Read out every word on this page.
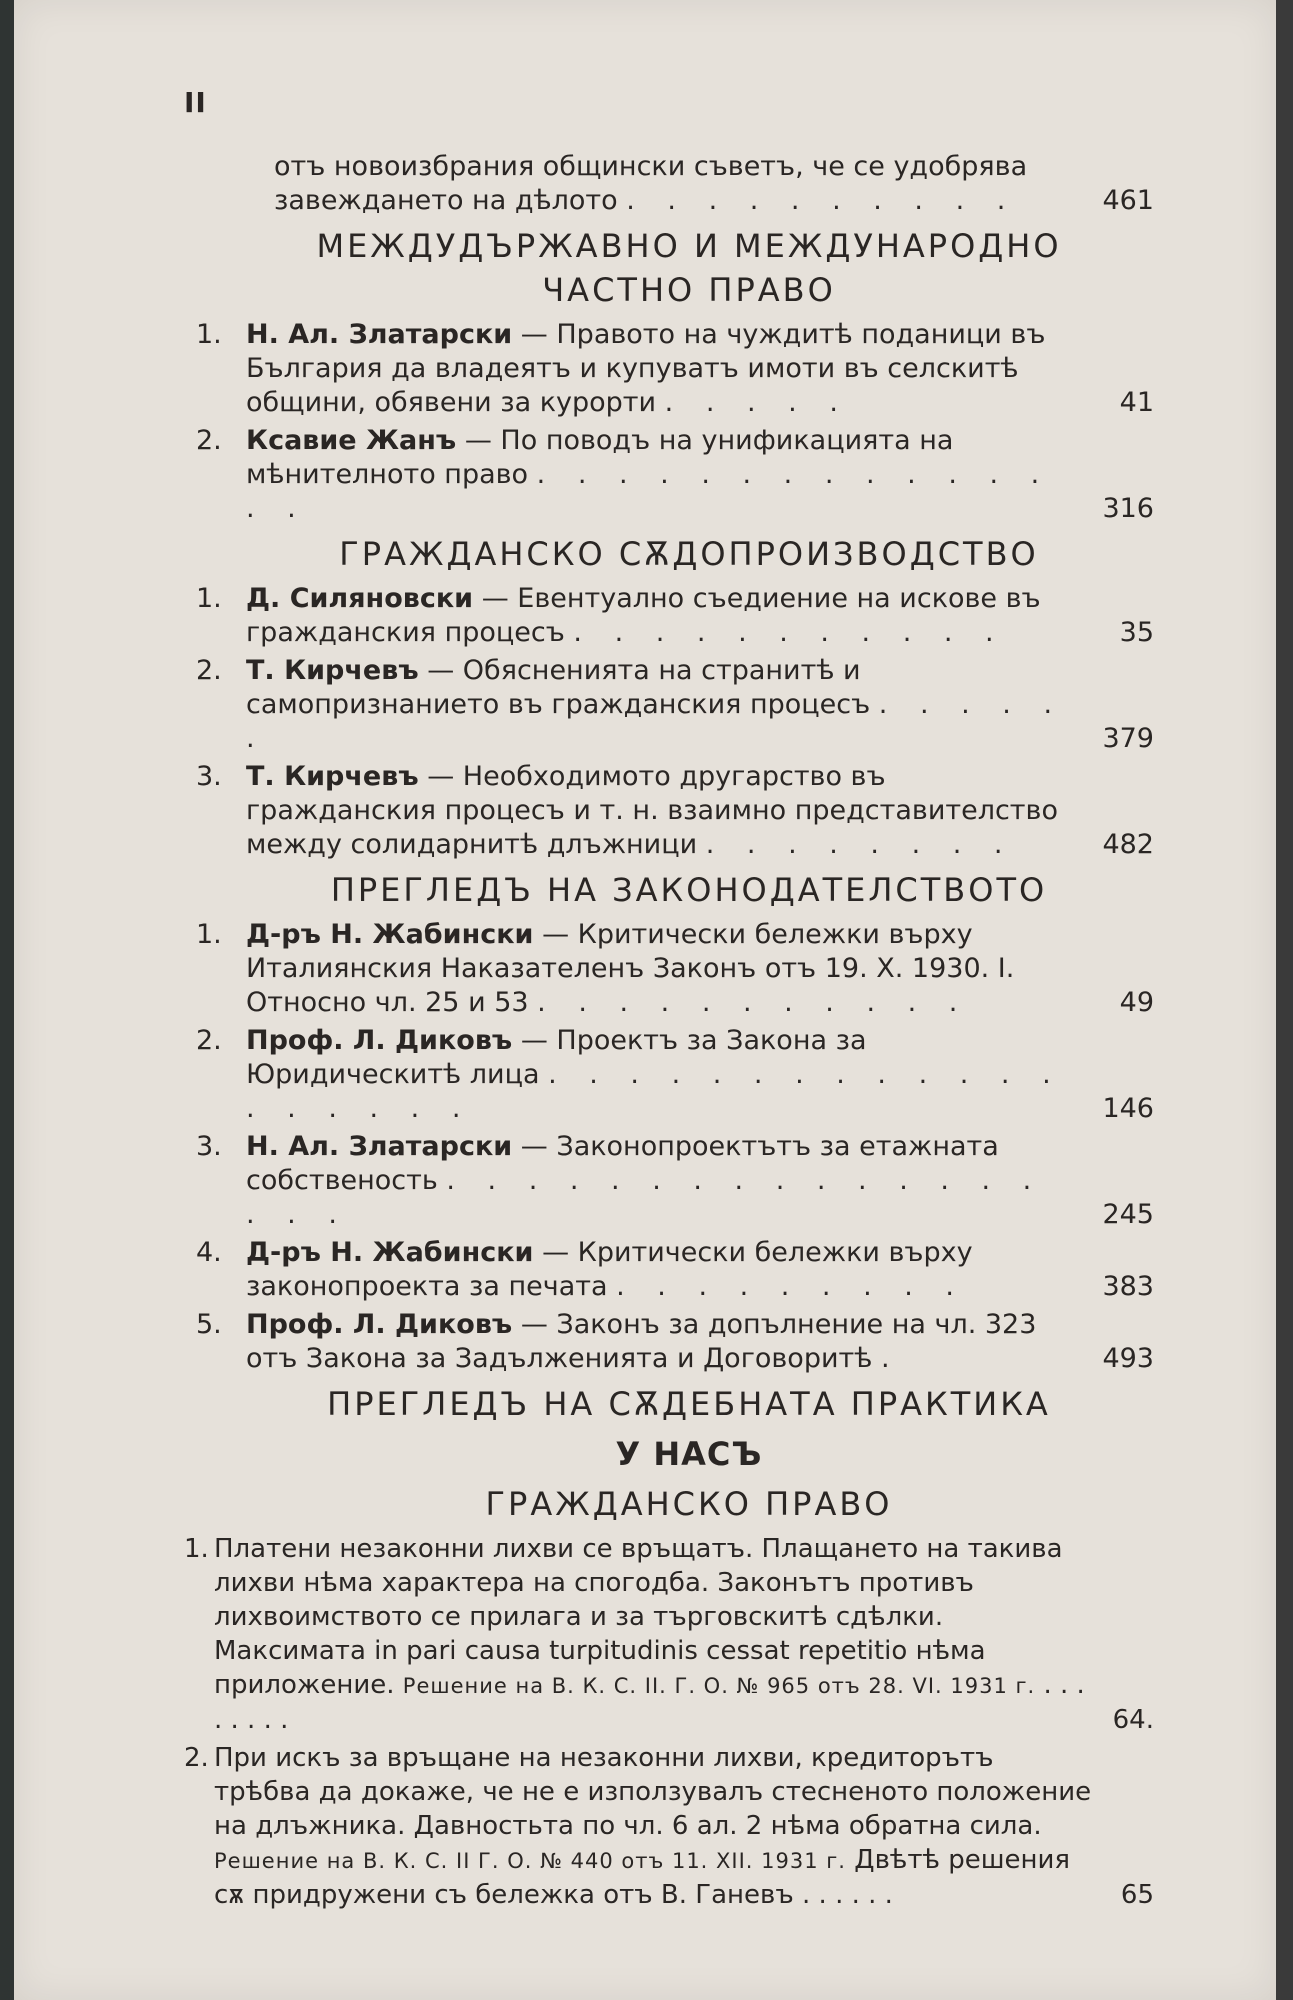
II
отъ новоизбрания общински съветъ, че се удобрява завеждането на дѣлото . . . . . . . . . .	461
МЕЖДУДЪРЖАВНО И МЕЖДУНАРОДНО
ЧАСТНО ПРАВО
1. Н. Ал. Златарски — Правото на чуждитѣ поданици въ България да владеятъ и купуватъ имоти въ селскитѣ общини, обявени за курорти . . . . .	41
2. Ксавие Жанъ — По поводъ на унификацията на мѣнителното право . . . . . . . . . . . . . . .	316
ГРАЖДАНСКО СѪДОПРОИЗВОДСТВО
1. Д. Силяновски — Евентуално съедиение на искове въ гражданския процесъ . . . . . . . . . . .	35
2. Т. Кирчевъ — Обясненията на странитѣ и самопризнанието въ гражданския процесъ . . . . . .	379
3. Т. Кирчевъ — Необходимото другарство въ гражданския процесъ и т. н. взаимно представителство между солидарнитѣ длъжници . . . . . . . .	482
ПРЕГЛЕДЪ НА ЗАКОНОДАТЕЛСТВОТО
1. Д-ръ Н. Жабински — Критически бележки върху Италиянския Наказателенъ Законъ отъ 19. X. 1930. I. Относно чл. 25 и 53 . . . . . . . . . . .	49
2. Проф. Л. Диковъ — Проектъ за Закона за Юридическитѣ лица . . . . . . . . . . . . . . . . . . .	146
3. Н. Ал. Златарски — Законопроектътъ за етажната собственость . . . . . . . . . . . . . . . . . .	245
4. Д-ръ Н. Жабински — Критически бележки върху законопроекта за печата . . . . . . . . .	383
5. Проф. Л. Диковъ — Законъ за допълнение на чл. 323 отъ Закона за Задълженията и Договоритѣ .	493
ПРЕГЛЕДЪ НА СѪДЕБНАТА ПРАКТИКА
У НАСЪ
ГРАЖДАНСКО ПРАВО
1. Платени незаконни лихви се връщатъ. Плащането на такива лихви нѣма характера на спогодба. Законътъ противъ лихвоимството се прилага и за търговскитѣ сдѣлки. Максимата in pari causa turpitudinis cessat repetitio нѣма приложение. Решение на В. К. С. II. Г. О. № 965 отъ 28. VI. 1931 г. . . . . . . . .	64.
2. При искъ за връщане на незаконни лихви, кредиторътъ трѣбва да докаже, че не е използувалъ стесненото положение на длъжника. Давностьта по чл. 6 ал. 2 нѣма обратна сила. Решение на В. К. С. II Г. О. № 440 отъ 11. XII. 1931 г. Двѣтѣ решения сѫ придружени съ бележка отъ В. Ганевъ . . . . . .	65
